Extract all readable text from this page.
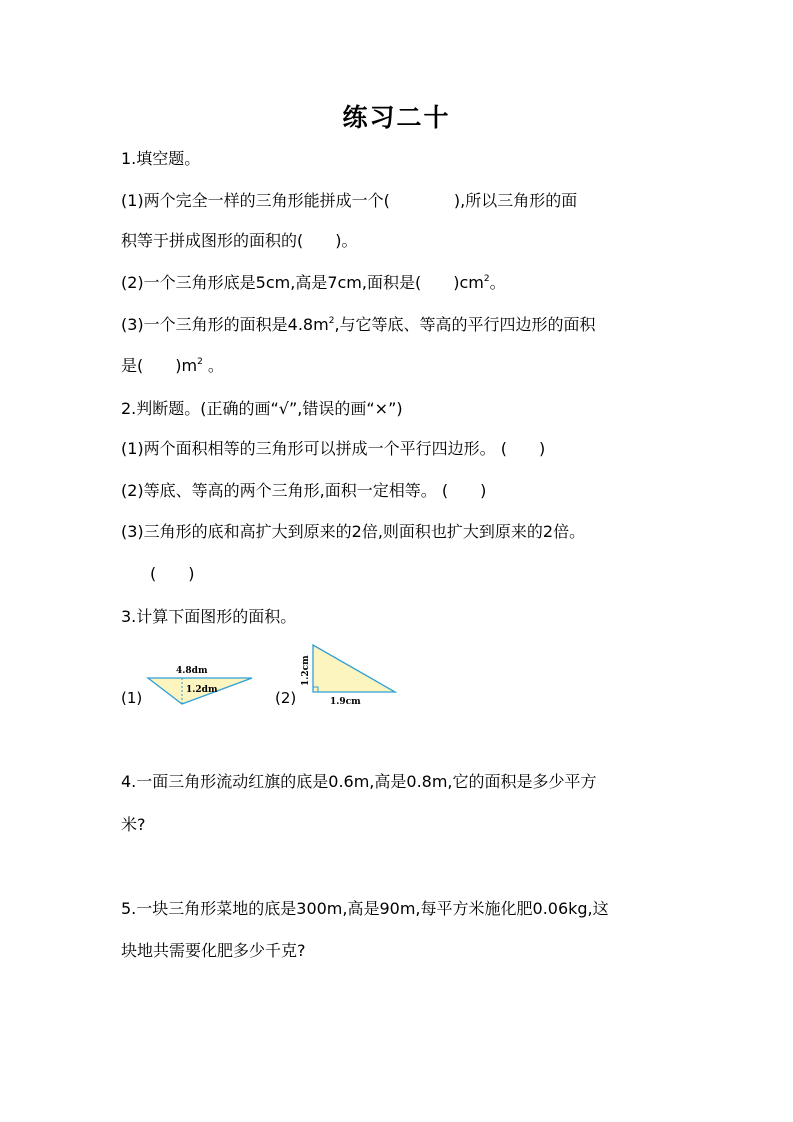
练习二十
1.填空题。
(1)两个完全一样的三角形能拼成一个(　　　　),所以三角形的面
积等于拼成图形的面积的(　　)。
(2)一个三角形底是5cm,高是7cm,面积是(　　)$cm^2$。
(3)一个三角形的面积是$4.8m^2$,与它等底、等高的平行四边形的面积
是(　　)$m^2$ 。
2.判断题。(正确的画“√”,错误的画“×”)
(1)两个面积相等的三角形可以拼成一个平行四边形。 (　　)
(2)等底、等高的两个三角形,面积一定相等。 (　　)
(3)三角形的底和高扩大到原来的2倍,则面积也扩大到原来的2倍。
(　　)
3.计算下面图形的面积。
(1)
4.8dm
1.2dm	(2)
1.2cm
1.9cm
4.一面三角形流动红旗的底是0.6m,高是0.8m,它的面积是多少平方
米?
5.一块三角形菜地的底是300m,高是90m,每平方米施化肥0.06kg,这
块地共需要化肥多少千克?
